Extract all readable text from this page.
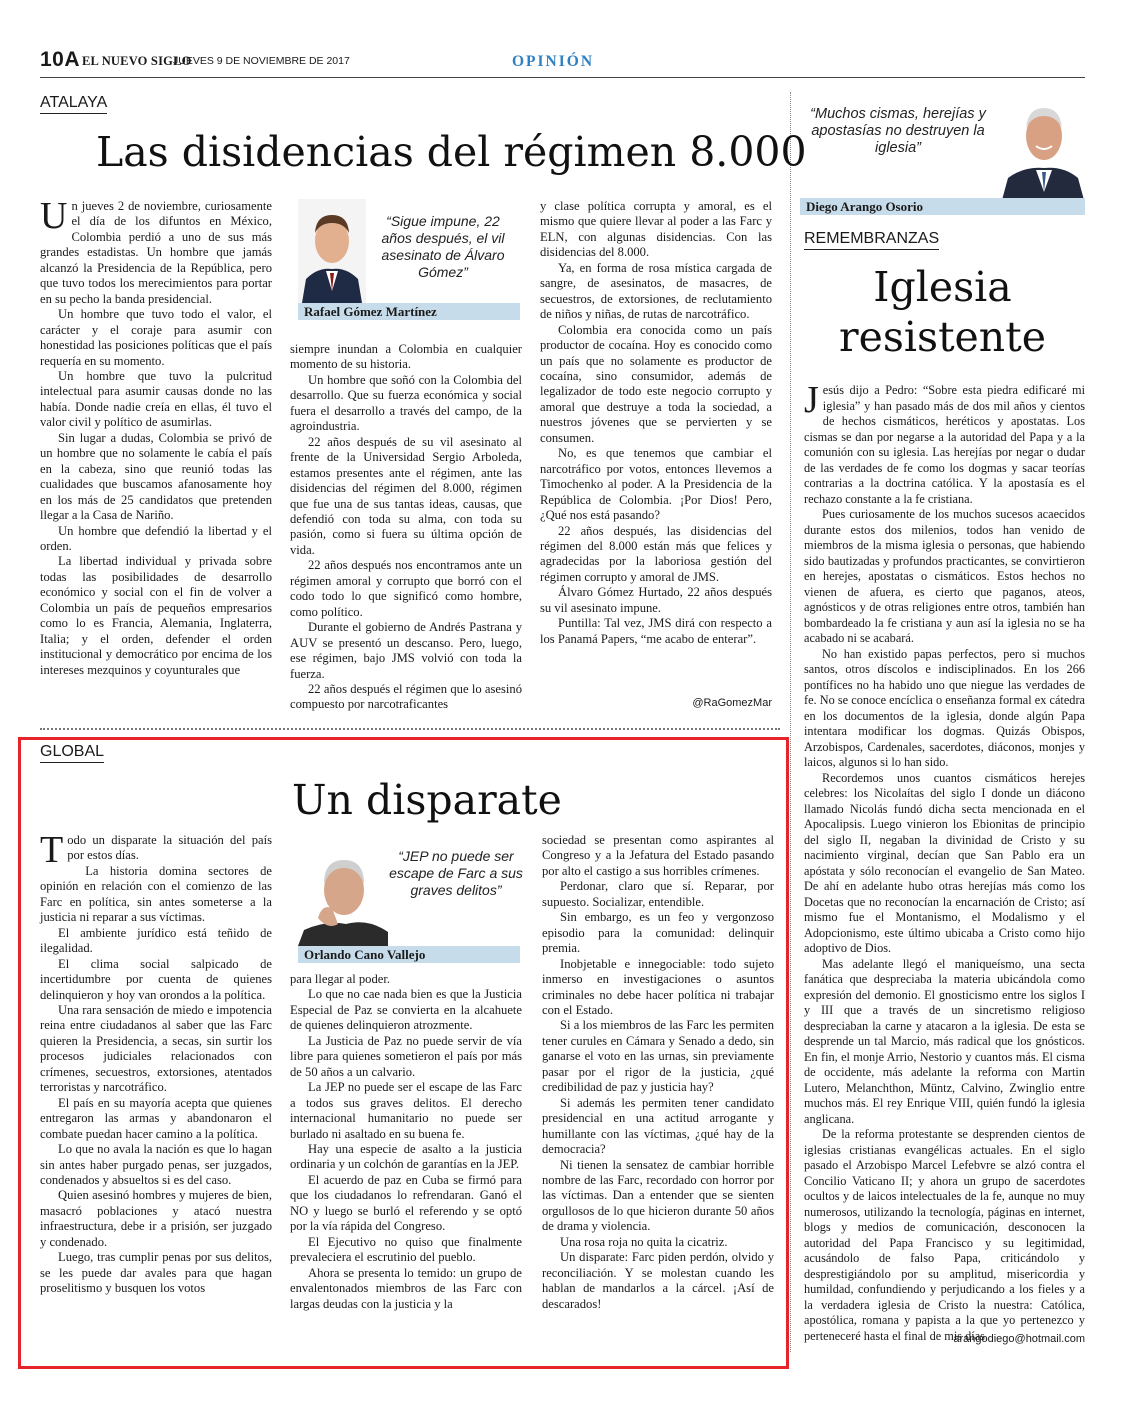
10A EL NUEVO SIGLO
JUEVES 9 DE NOVIEMBRE DE 2017	OPINIÓN
ATALAYA
Las disidencias del régimen 8.000

Un jueves 2 de noviembre, curiosamente el día de los difuntos en México, Colombia perdió a uno de sus más grandes estadistas. Un hombre que jamás alcanzó la Presidencia de la República, pero que tuvo todos los merecimientos para portar en su pecho la banda presidencial.

Un hombre que tuvo todo el valor, el carácter y el coraje para asumir con honestidad las posiciones políticas que el país requería en su momento.

Un hombre que tuvo la pulcritud intelectual para asumir causas donde no las había. Donde nadie creía en ellas, él tuvo el valor civil y político de asumirlas.

Sin lugar a dudas, Colombia se privó de un hombre que no solamente le cabía el país en la cabeza, sino que reunió todas las cualidades que buscamos afanosamente hoy en los más de 25 candidatos que pretenden llegar a la Casa de Nariño.

Un hombre que defendió la libertad y el orden.

La libertad individual y privada sobre todas las posibilidades de desarrollo económico y social con el fin de volver a Colombia un país de pequeños empresarios como lo es Francia, Alemania, Inglaterra, Italia; y el orden, defender el orden institucional y democrático por encima de los intereses mezquinos y coyunturales que

“Sigue impune, 22 años después, el vil asesinato de Álvaro Gómez”
Rafael Gómez Martínez

siempre inundan a Colombia en cualquier momento de su historia.

Un hombre que soñó con la Colombia del desarrollo. Que su fuerza económica y social fuera el desarrollo a través del campo, de la agroindustria.

22 años después de su vil asesinato al frente de la Universidad Sergio Arboleda, estamos presentes ante el régimen, ante las disidencias del régimen del 8.000, régimen que fue una de sus tantas ideas, causas, que defendió con toda su alma, con toda su pasión, como si fuera su última opción de vida.

22 años después nos encontramos ante un régimen amoral y corrupto que borró con el codo todo lo que significó como hombre, como político.

Durante el gobierno de Andrés Pastrana y AUV se presentó un descanso. Pero, luego, ese régimen, bajo JMS volvió con toda la fuerza.

22 años después el régimen que lo asesinó compuesto por narcotraficantes

y clase política corrupta y amoral, es el mismo que quiere llevar al poder a las Farc y ELN, con algunas disidencias. Con las disidencias del 8.000.

Ya, en forma de rosa mística cargada de sangre, de asesinatos, de masacres, de secuestros, de extorsiones, de reclutamiento de niños y niñas, de rutas de narcotráfico.

Colombia era conocida como un país productor de cocaína. Hoy es conocido como un país que no solamente es productor de cocaína, sino consumidor, además de legalizador de todo este negocio corrupto y amoral que destruye a toda la sociedad, a nuestros jóvenes que se pervierten y se consumen.

No, es que tenemos que cambiar el narcotráfico por votos, entonces llevemos a Timochenko al poder. A la Presidencia de la República de Colombia. ¡Por Dios! Pero, ¿Qué nos está pasando?

22 años después, las disidencias del régimen del 8.000 están más que felices y agradecidas por la laboriosa gestión del régimen corrupto y amoral de JMS.

Álvaro Gómez Hurtado, 22 años después su vil asesinato impune.

Puntilla: Tal vez, JMS dirá con respecto a los Panamá Papers, “me acabo de enterar”.

@RaGomezMar
“Muchos cismas, herejías y apostasías no destruyen la iglesia”
Diego Arango Osorio
REMEMBRANZAS
Iglesia
resistente

Jesús dijo a Pedro: “Sobre esta piedra edificaré mi iglesia” y han pasado más de dos mil años y cientos de hechos cismáticos, heréticos y apostatas. Los cismas se dan por negarse a la autoridad del Papa y a la comunión con su iglesia. Las herejías por negar o dudar de las verdades de fe como los dogmas y sacar teorías contrarias a la doctrina católica. Y la apostasía es el rechazo constante a la fe cristiana.

Pues curiosamente de los muchos sucesos acaecidos durante estos dos milenios, todos han venido de miembros de la misma iglesia o personas, que habiendo sido bautizadas y profundos practicantes, se convirtieron en herejes, apostatas o cismáticos. Estos hechos no vienen de afuera, es cierto que paganos, ateos, agnósticos y de otras religiones entre otros, también han bombardeado la fe cristiana y aun así la iglesia no se ha acabado ni se acabará.

No han existido papas perfectos, pero si muchos santos, otros díscolos e indisciplinados. En los 266 pontífices no ha habido uno que niegue las verdades de fe. No se conoce encíclica o enseñanza formal ex cátedra en los documentos de la iglesia, donde algún Papa intentara modificar los dogmas. Quizás Obispos, Arzobispos, Cardenales, sacerdotes, diáconos, monjes y laicos, algunos si lo han sido.

Recordemos unos cuantos cismáticos herejes celebres: los Nicolaítas del siglo I donde un diácono llamado Nicolás fundó dicha secta mencionada en el Apocalipsis. Luego vinieron los Ebionitas de principio del siglo II, negaban la divinidad de Cristo y su nacimiento virginal, decían que San Pablo era un apóstata y sólo reconocían el evangelio de San Mateo. De ahí en adelante hubo otras herejías más como los Docetas que no reconocían la encarnación de Cristo; así mismo fue el Montanismo, el Modalismo y el Adopcionismo, este último ubicaba a Cristo como hijo adoptivo de Dios.

Mas adelante llegó el maniqueísmo, una secta fanática que despreciaba la materia ubicándola como expresión del demonio. El gnosticismo entre los siglos I y III que a través de un sincretismo religioso despreciaban la carne y atacaron a la iglesia. De esta se desprende un tal Marcio, más radical que los gnósticos. En fin, el monje Arrio, Nestorio y cuantos más. El cisma de occidente, más adelante la reforma con Martin Lutero, Melanchthon, Müntz, Calvino, Zwinglio entre muchos más. El rey Enrique VIII, quién fundó la iglesia anglicana.

De la reforma protestante se desprenden cientos de iglesias cristianas evangélicas actuales. En el siglo pasado el Arzobispo Marcel Lefebvre se alzó contra el Concilio Vaticano II; y ahora un grupo de sacerdotes ocultos y de laicos intelectuales de la fe, aunque no muy numerosos, utilizando la tecnología, páginas en internet, blogs y medios de comunicación, desconocen la autoridad del Papa Francisco y su legitimidad, acusándolo de falso Papa, criticándolo y desprestigiándolo por su amplitud, misericordia y humildad, confundiendo y perjudicando a los fieles y a la verdadera iglesia de Cristo la nuestra: Católica, apostólica, romana y papista a la que yo pertenezco y perteneceré hasta el final de mis días.

arangodiego@hotmail.com
GLOBAL
Un disparate

Todo un disparate la situación del país por estos días.

La historia domina sectores de opinión en relación con el comienzo de las Farc en política, sin antes someterse a la justicia ni reparar a sus víctimas.

El ambiente jurídico está teñido de ilegalidad.

El clima social salpicado de incertidumbre por cuenta de quienes delinquieron y hoy van orondos a la política.

Una rara sensación de miedo e impotencia reina entre ciudadanos al saber que las Farc quieren la Presidencia, a secas, sin surtir los procesos judiciales relacionados con crímenes, secuestros, extorsiones, atentados terroristas y narcotráfico.

El país en su mayoría acepta que quienes entregaron las armas y abandonaron el combate puedan hacer camino a la política.

Lo que no avala la nación es que lo hagan sin antes haber purgado penas, ser juzgados, condenados y absueltos si es del caso.

Quien asesinó hombres y mujeres de bien, masacró poblaciones y atacó nuestra infraestructura, debe ir a prisión, ser juzgado y condenado.

Luego, tras cumplir penas por sus delitos, se les puede dar avales para que hagan proselitismo y busquen los votos

“JEP no puede ser escape de Farc a sus graves delitos”
Orlando Cano Vallejo

para llegar al poder.

Lo que no cae nada bien es que la Justicia Especial de Paz se convierta en la alcahuete de quienes delinquieron atrozmente.

La Justicia de Paz no puede servir de vía libre para quienes sometieron el país por más de 50 años a un calvario.

La JEP no puede ser el escape de las Farc a todos sus graves delitos. El derecho internacional humanitario no puede ser burlado ni asaltado en su buena fe.

Hay una especie de asalto a la justicia ordinaria y un colchón de garantías en la JEP.

El acuerdo de paz en Cuba se firmó para que los ciudadanos lo refrendaran. Ganó el NO y luego se burló el referendo y se optó por la vía rápida del Congreso.

El Ejecutivo no quiso que finalmente prevaleciera el escrutinio del pueblo.

Ahora se presenta lo temido: un grupo de envalentonados miembros de las Farc con largas deudas con la justicia y la

sociedad se presentan como aspirantes al Congreso y a la Jefatura del Estado pasando por alto el castigo a sus horribles crímenes.

Perdonar, claro que sí. Reparar, por supuesto. Socializar, entendible.

Sin embargo, es un feo y vergonzoso episodio para la comunidad: delinquir premia.

Inobjetable e innegociable: todo sujeto inmerso en investigaciones o asuntos criminales no debe hacer política ni trabajar con el Estado.

Si a los miembros de las Farc les permiten tener curules en Cámara y Senado a dedo, sin ganarse el voto en las urnas, sin previamente pasar por el rigor de la justicia, ¿qué credibilidad de paz y justicia hay?

Si además les permiten tener candidato presidencial en una actitud arrogante y humillante con las víctimas, ¿qué hay de la democracia?

Ni tienen la sensatez de cambiar horrible nombre de las Farc, recordado con horror por las víctimas. Dan a entender que se sienten orgullosos de lo que hicieron durante 50 años de drama y violencia.

Una rosa roja no quita la cicatriz.

Un disparate: Farc piden perdón, olvido y reconciliación. Y se molestan cuando les hablan de mandarlos a la cárcel. ¡Así de descarados!
